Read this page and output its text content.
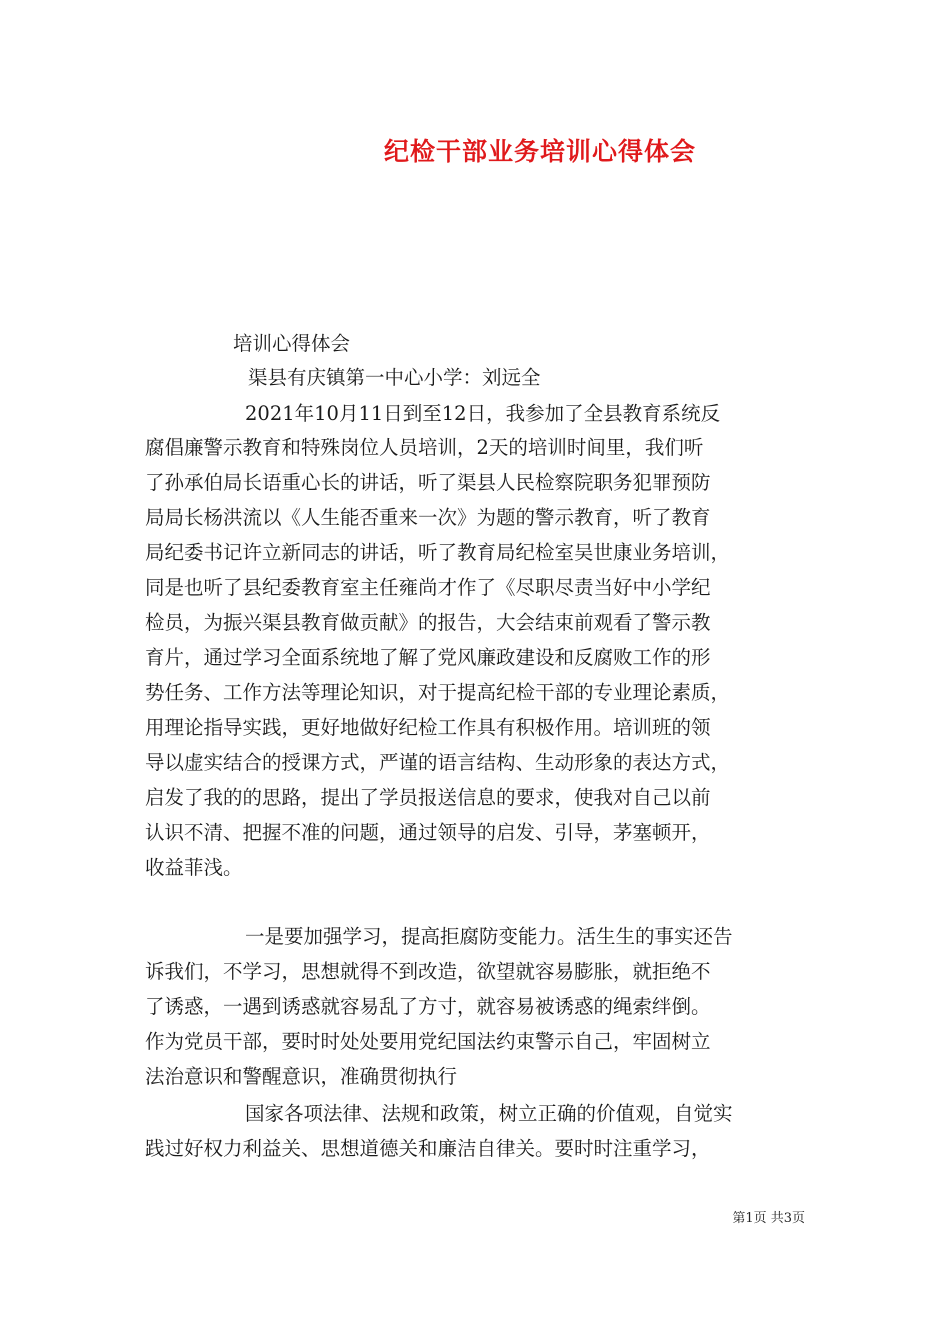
纪检干部业务培训心得体会

培训心得体会

渠县有庆镇第一中心小学：刘远全

2021年10月11日到至12日，我参加了全县教育系统反

腐倡廉警示教育和特殊岗位人员培训，2天的培训时间里，我们听

了孙承伯局长语重心长的讲话，听了渠县人民检察院职务犯罪预防

局局长杨洪流以《人生能否重来一次》为题的警示教育，听了教育

局纪委书记许立新同志的讲话，听了教育局纪检室吴世康业务培训，

同是也听了县纪委教育室主任雍尚才作了《尽职尽责当好中小学纪

检员，为振兴渠县教育做贡献》的报告，大会结束前观看了警示教

育片，通过学习全面系统地了解了党风廉政建设和反腐败工作的形

势任务、工作方法等理论知识，对于提高纪检干部的专业理论素质，

用理论指导实践，更好地做好纪检工作具有积极作用。培训班的领

导以虚实结合的授课方式，严谨的语言结构、生动形象的表达方式，

启发了我的的思路，提出了学员报送信息的要求，使我对自己以前

认识不清、把握不准的问题，通过领导的启发、引导，茅塞顿开，

收益菲浅。

一是要加强学习，提高拒腐防变能力。活生生的事实还告

诉我们，不学习，思想就得不到改造，欲望就容易膨胀，就拒绝不

了诱惑，一遇到诱惑就容易乱了方寸，就容易被诱惑的绳索绊倒。

作为党员干部，要时时处处要用党纪国法约束警示自己，牢固树立

法治意识和警醒意识，准确贯彻执行

国家各项法律、法规和政策，树立正确的价值观，自觉实

践过好权力利益关、思想道德关和廉洁自律关。要时时注重学习，

第1页 共3页
